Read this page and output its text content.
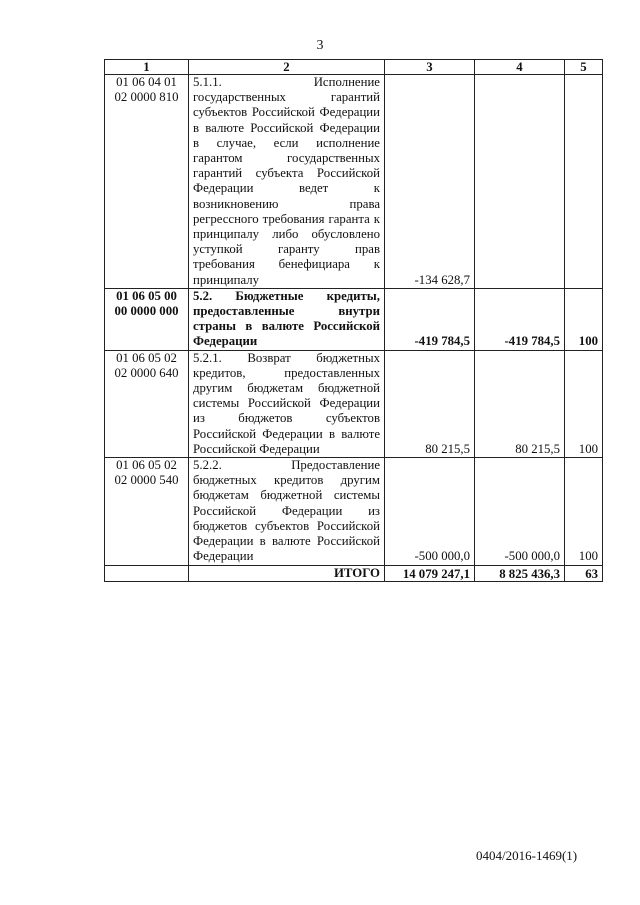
3
1	2	3	4	5
01 06 04 01 02 0000 810	5.1.1. Исполнение государственных гарантий субъектов Российской Федерации в валюте Российской Федерации в случае, если исполнение гарантом государственных гарантий субъекта Российской Федерации ведет к возникновению права регрессного требования гаранта к принципалу либо обусловлено уступкой гаранту прав требования бенефициара к принципалу	-134 628,7		
01 06 05 00 00 0000 000	5.2. Бюджетные кредиты, предоставленные внутри страны в валюте Российской Федерации	-419 784,5	-419 784,5	100
01 06 05 02 02 0000 640	5.2.1. Возврат бюджетных кредитов, предоставленных другим бюджетам бюджетной системы Российской Федерации из бюджетов субъектов Российской Федерации в валюте Российской Федерации	80 215,5	80 215,5	100
01 06 05 02 02 0000 540	5.2.2. Предоставление бюджетных кредитов другим бюджетам бюджетной системы Российской Федерации из бюджетов субъектов Российской Федерации в валюте Российской Федерации	-500 000,0	-500 000,0	100
	ИТОГО	14 079 247,1	8 825 436,3	63
0404/2016-1469(1)
